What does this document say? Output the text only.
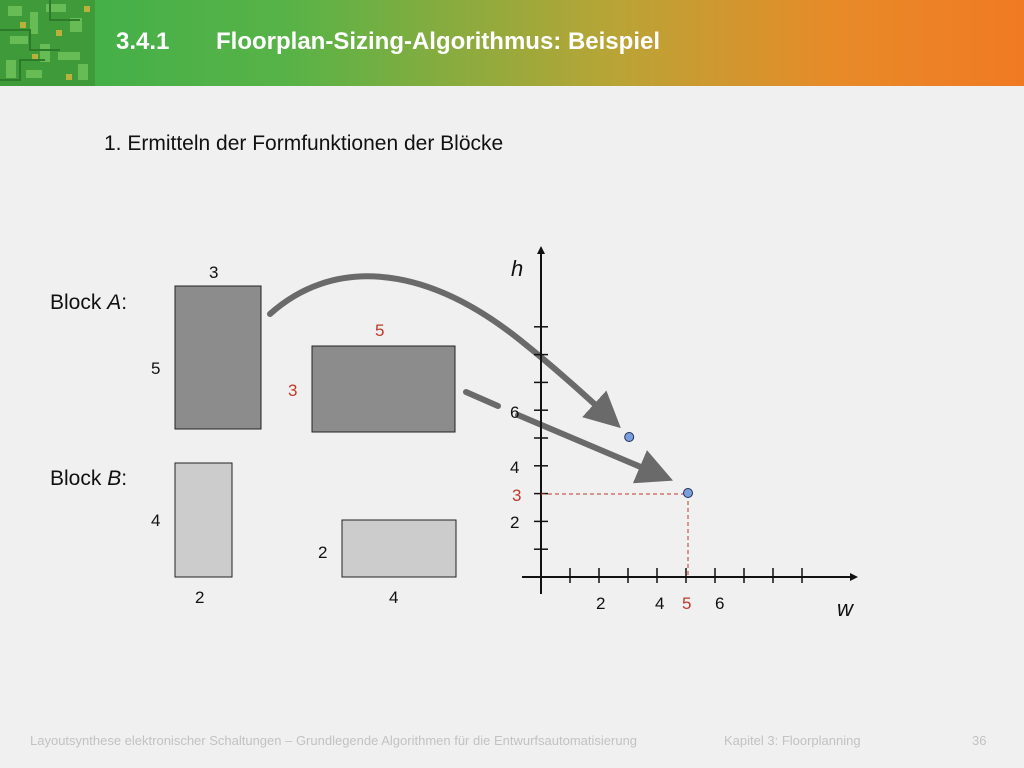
3.4.1 Floorplan-Sizing-Algorithmus: Beispiel
1. Ermitteln der Formfunktionen der Blöcke
Block A:
Block B:
3
5
5
3
4
2
2
4
h
w
2
4
6
3
2	4 5 6
Layoutsynthese elektronischer Schaltungen – Grundlegende Algorithmen für die Entwurfsautomatisierung	Kapitel 3: Floorplanning	36
